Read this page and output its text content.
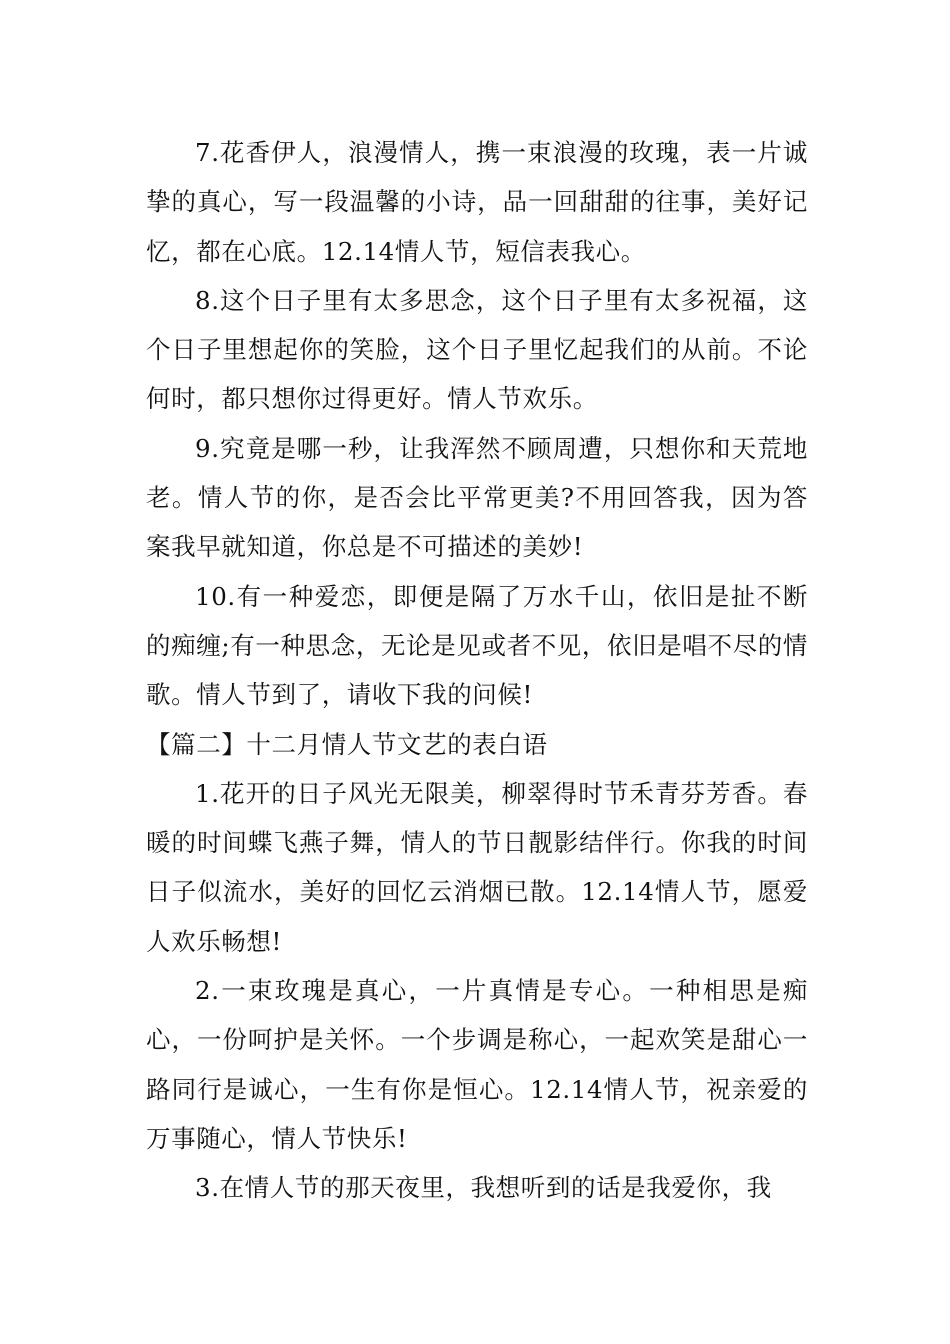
7.花香伊人，浪漫情人，携一束浪漫的玫瑰，表一片诚挚的真心，写一段温馨的小诗，品一回甜甜的往事，美好记忆，都在心底。12.14情人节，短信表我心。

8.这个日子里有太多思念，这个日子里有太多祝福，这个日子里想起你的笑脸，这个日子里忆起我们的从前。不论何时，都只想你过得更好。情人节欢乐。

9.究竟是哪一秒，让我浑然不顾周遭，只想你和天荒地老。情人节的你，是否会比平常更美?不用回答我，因为答案我早就知道，你总是不可描述的美妙!

10.有一种爱恋，即便是隔了万水千山，依旧是扯不断的痴缠;有一种思念，无论是见或者不见，依旧是唱不尽的情歌。情人节到了，请收下我的问候!

【篇二】十二月情人节文艺的表白语

1.花开的日子风光无限美，柳翠得时节禾青芬芳香。春暖的时间蝶飞燕子舞，情人的节日靓影结伴行。你我的时间日子似流水，美好的回忆云消烟已散。12.14情人节，愿爱人欢乐畅想!

2.一束玫瑰是真心，一片真情是专心。一种相思是痴心，一份呵护是关怀。一个步调是称心，一起欢笑是甜心一路同行是诚心，一生有你是恒心。12.14情人节，祝亲爱的万事随心，情人节快乐!

3.在情人节的那天夜里，我想听到的话是我爱你，我
